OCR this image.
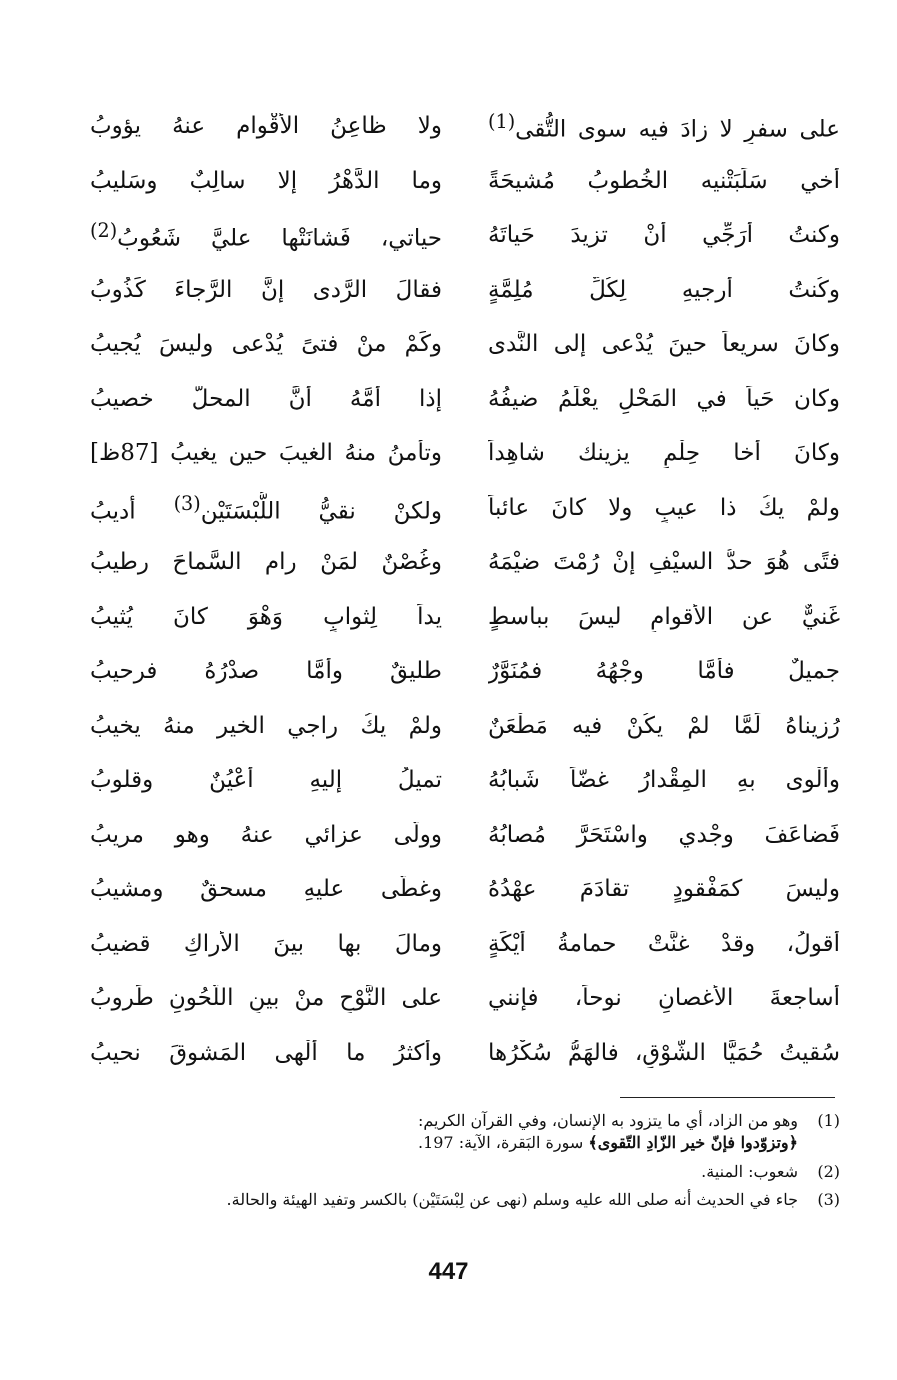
على سفرٍ لا زادَ فيه سوى التُّقى$^{(1)}$
ولا ظاعِنُ الأقْوام عنهُ يؤوبُ
أخي سَلَبَتْنيه الخُطوبُ مُشيحَةً
وما الدَّهْرُ إلا سالِبٌ وسَليبُ
وكنتُ أرَجِّي أنْ تزيدَ حَياتَهُ
حياتي، فَشانَتْها عليَّ شَعُوبُ$^{(2)}$
وكُنتُ أرجيهِ لِكُلِّ مُلِمَّةٍ
فقالَ الرَّدى إنَّ الرَّجاءَ كَذُوبُ
وكانَ سريعاً حينَ يُدْعى إلى النَّدى
وكَمْ منْ فتىً يُدْعى وليسَ يُجيبُ
وكان حَياً في المَحْلِ يعْلَمُ ضيفُهُ
إذا أمَّهُ أنَّ المحلَّ خصيبُ
وكانَ أخا حِلْمٍ يزينك شاهِداً
وتأمنُ منهُ الغيبَ حين يغيبُ [87ظ]
ولمْ يكُ ذا عيبٍ ولا كانَ عائباً
ولكنْ نقيُّ اللُّبْسَتَيْنِ$^{(3)}$ أديبُ
فتًى هُوَ حدُّ السيْفِ إنْ رُمْتَ ضيْمَهُ
وغُصْنٌ لمَنْ رام السَّماحَ رطيبُ
غَنيٌّ عن الأقوامِ ليسَ بباسطٍ
يداً لِثوابٍ وَهْوَ كانَ يُثيبُ
جميلٌ فأمَّا وجْهُهُ فمُنَوَّرٌ
طليقٌ وأمَّا صدْرُهُ فرحيبُ
رُزيناهُ لَمَّا لمْ يكُنْ فيه مَطْعَنٌ
ولمْ يكُ راجي الخير منهُ يخيبُ
وألْوى بهِ المِقْدارُ غضّاً شَبابُهُ
تميلُ إليهِ أعْيُنٌ وقلوبُ
فَضاعَفَ وجْدي واسْتَحَرَّ مُصابُهُ
وولَّى عزائي عنهُ وهو مريبُ
وليسَ كمَفْقودٍ تقادَمَ عهْدُهُ
وغطَّى عليهِ مسحقٌ ومشيبُ
أقولُ، وقدْ غنَّتْ حمامةُ أيْكَةٍ
ومالَ بها بينَ الأراكِ قضيبُ
أساجعةَ الأغصانِ نوحاً، فإنني
على النَّوْحِ منْ بينِ اللُّحُونِ طَروبُ
سُقيتُ حُمَيَّا الشَّوْقِ، فالهَمُّ سُكْرُها
وأكثرُ ما ألْهى المَشوقَ نحيبُ
(1)
وهو من الزاد، أي ما يتزود به الإنسان، وفي القرآن الكريم:
﴿وتزوّدوا فإنّ خير الزّادِ التّقوى﴾ سورة البَقرة، الآية: 197.
(2)
شعوب: المنية.
(3)
جاء في الحديث أنه صلى الله عليه وسلم (نهى عن لِبْسَتَيْن) بالكسر وتفيد الهيئة والحالة.
447
